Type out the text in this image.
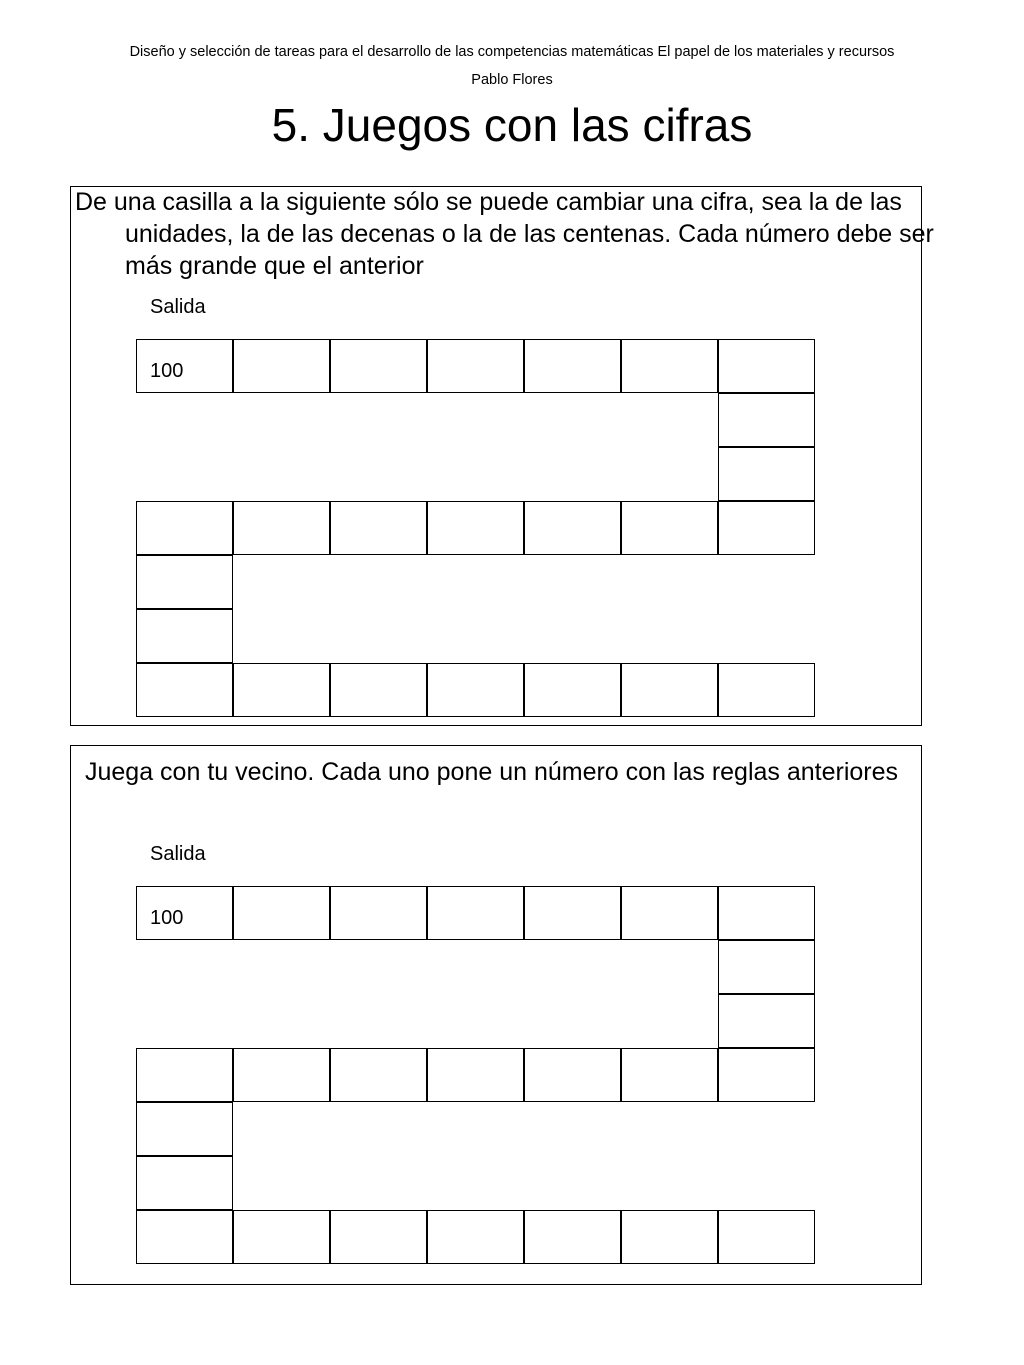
Diseño y selección de tareas para el desarrollo de las competencias matemáticas El papel de los materiales y recursos
Pablo Flores
5. Juegos con las cifras
De una casilla a la siguiente sólo se puede cambiar una cifra, sea la de las unidades, la de las decenas o la de las centenas. Cada número debe ser más grande que el anterior
Salida
100
Juega con tu vecino. Cada uno pone un número con las reglas anteriores
Salida
100
